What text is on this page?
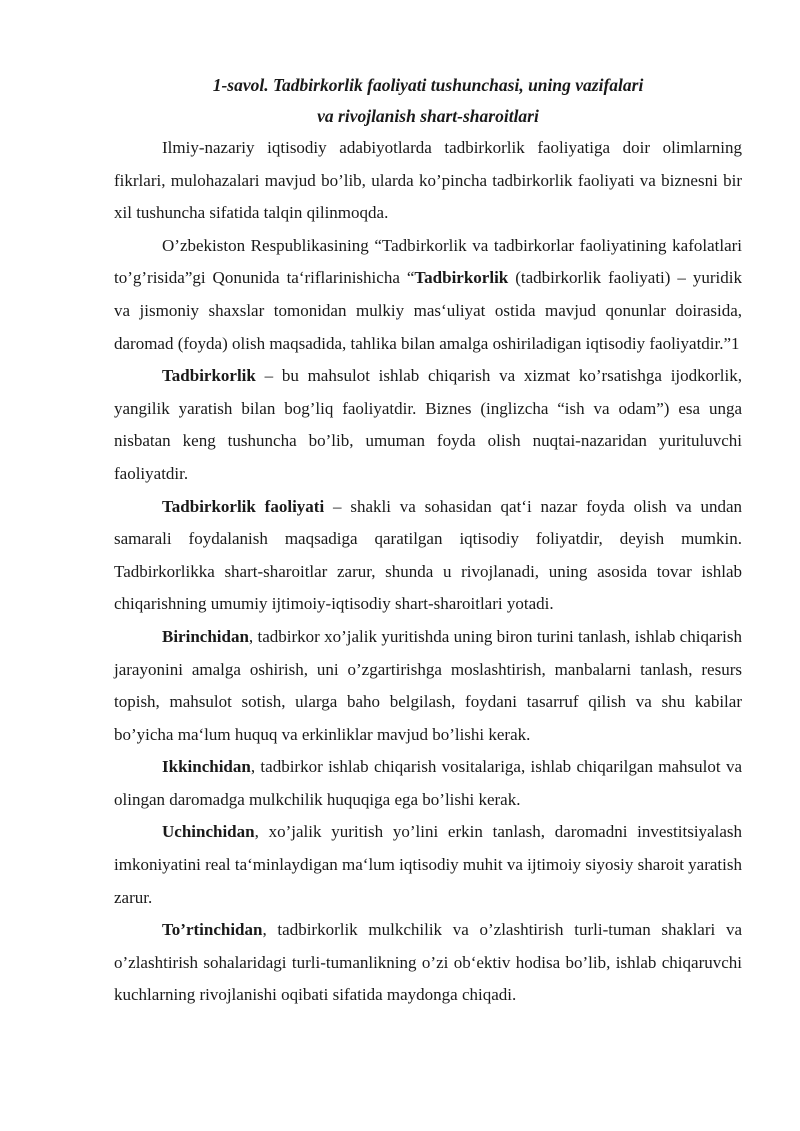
1-savol. Tadbirkorlik faoliyati tushunchasi, uning vazifalari

va rivojlanish shart-sharoitlari

Ilmiy-nazariy iqtisodiy adabiyotlarda tadbirkorlik faoliyatiga doir olimlarning fikrlari, mulohazalari mavjud bo’lib, ularda ko’pincha tadbirkorlik faoliyati va biznesni bir xil tushuncha sifatida talqin qilinmoqda.

O’zbekiston Respublikasining “Tadbirkorlik va tadbirkorlar faoliyatining kafolatlari to’g’risida”gi Qonunida ta‘riflarinishicha “Tadbirkorlik (tadbirkorlik faoliyati) – yuridik va jismoniy shaxslar tomonidan mulkiy mas‘uliyat ostida mavjud qonunlar doirasida, daromad (foyda) olish maqsadida, tahlika bilan amalga oshiriladigan iqtisodiy faoliyatdir.”1

Tadbirkorlik – bu mahsulot ishlab chiqarish va xizmat ko’rsatishga ijodkorlik, yangilik yaratish bilan bog’liq faoliyatdir. Biznes (inglizcha “ish va odam”) esa unga nisbatan keng tushuncha bo’lib, umuman foyda olish nuqtai-nazaridan yurituluvchi faoliyatdir.

Tadbirkorlik faoliyati – shakli va sohasidan qat‘i nazar foyda olish va undan samarali foydalanish maqsadiga qaratilgan iqtisodiy foliyatdir, deyish mumkin. Tadbirkorlikka shart-sharoitlar zarur, shunda u rivojlanadi, uning asosida tovar ishlab chiqarishning umumiy ijtimoiy-iqtisodiy shart-sharoitlari yotadi.

Birinchidan, tadbirkor xo’jalik yuritishda uning biron turini tanlash, ishlab chiqarish jarayonini amalga oshirish, uni o’zgartirishga moslashtirish, manbalarni tanlash, resurs topish, mahsulot sotish, ularga baho belgilash, foydani tasarruf qilish va shu kabilar bo’yicha ma‘lum huquq va erkinliklar mavjud bo’lishi kerak.

Ikkinchidan, tadbirkor ishlab chiqarish vositalariga, ishlab chiqarilgan mahsulot va olingan daromadga mulkchilik huquqiga ega bo’lishi kerak.

Uchinchidan, xo’jalik yuritish yo’lini erkin tanlash, daromadni investitsiyalash imkoniyatini real ta‘minlaydigan ma‘lum iqtisodiy muhit va ijtimoiy siyosiy sharoit yaratish zarur.

To’rtinchidan, tadbirkorlik mulkchilik va o’zlashtirish turli-tuman shaklari va o’zlashtirish sohalaridagi turli-tumanlikning o’zi ob‘ektiv hodisa bo’lib, ishlab chiqaruvchi kuchlarning rivojlanishi oqibati sifatida maydonga chiqadi.
